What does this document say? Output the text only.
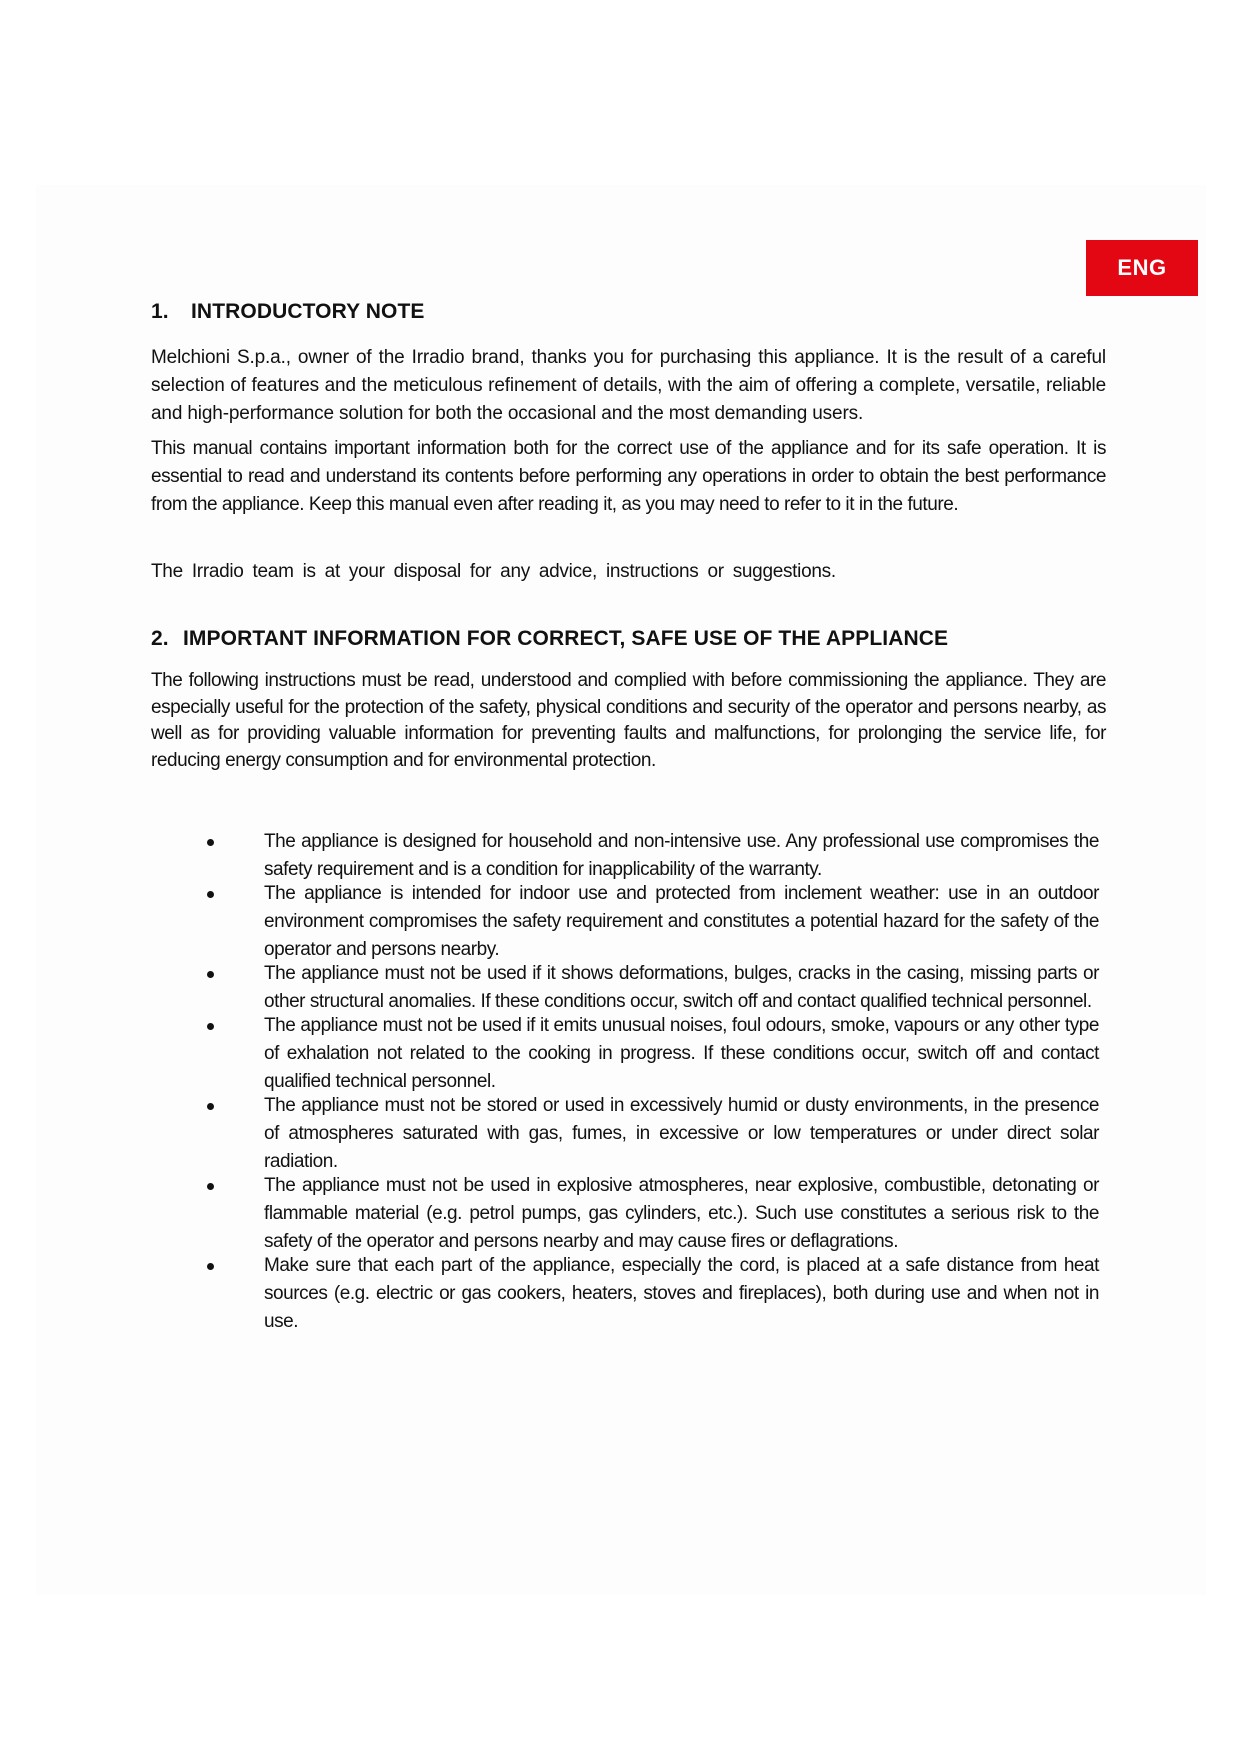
ENG
1. INTRODUCTORY NOTE

Melchioni S.p.a., owner of the Irradio brand, thanks you for purchasing this appliance. It is the result of a careful selection of features and the meticulous refinement of details, with the aim of offering a complete, versatile, reliable and high-performance solution for both the occasional and the most demanding users.

This manual contains important information both for the correct use of the appliance and for its safe operation. It is essential to read and understand its contents before performing any operations in order to obtain the best performance from the appliance. Keep this manual even after reading it, as you may need to refer to it in the future.

The Irradio team is at your disposal for any advice, instructions or suggestions.

2. IMPORTANT INFORMATION FOR CORRECT, SAFE USE OF THE APPLIANCE

The following instructions must be read, understood and complied with before commissioning the appliance. They are especially useful for the protection of the safety, physical conditions and security of the operator and persons nearby, as well as for providing valuable information for preventing faults and malfunctions, for prolonging the service life, for reducing energy consumption and for environmental protection.

The appliance is designed for household and non-intensive use. Any professional use compromises the safety requirement and is a condition for inapplicability of the warranty.
The appliance is intended for indoor use and protected from inclement weather: use in an outdoor environment compromises the safety requirement and constitutes a potential hazard for the safety of the operator and persons nearby.
The appliance must not be used if it shows deformations, bulges, cracks in the casing, missing parts or other structural anomalies. If these conditions occur, switch off and contact qualified technical personnel.
The appliance must not be used if it emits unusual noises, foul odours, smoke, vapours or any other type of exhalation not related to the cooking in progress. If these conditions occur, switch off and contact qualified technical personnel.
The appliance must not be stored or used in excessively humid or dusty environments, in the presence of atmospheres saturated with gas, fumes, in excessive or low temperatures or under direct solar radiation.
The appliance must not be used in explosive atmospheres, near explosive, combustible, detonating or flammable material (e.g. petrol pumps, gas cylinders, etc.). Such use constitutes a serious risk to the safety of the operator and persons nearby and may cause fires or deflagrations.
Make sure that each part of the appliance, especially the cord, is placed at a safe distance from heat sources (e.g. electric or gas cookers, heaters, stoves and fireplaces), both during use and when not in use.
